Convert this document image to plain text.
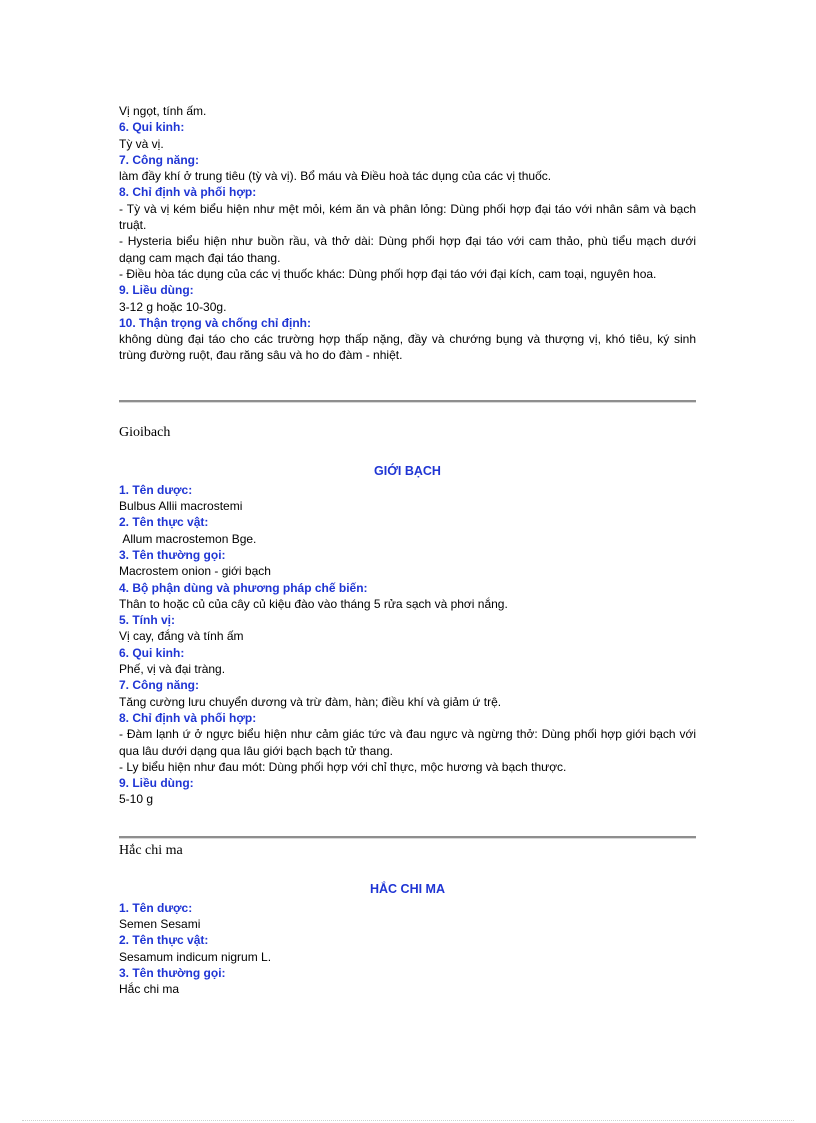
Vị ngọt, tính ấm.
6. Qui kinh:
Tỳ và vị.
7. Công năng:
làm đầy khí ở trung tiêu (tỳ và vị). Bổ máu và Điều hoà tác dụng của các vị thuốc.
8. Chỉ định và phối hợp:
- Tỳ và vị kém biểu hiện như mệt mỏi, kém ăn và phân lỏng: Dùng phối hợp đại táo với nhân sâm và bạch truật.
- Hysteria biểu hiện như buồn rầu, và thở dài: Dùng phối hợp đại táo với cam thảo, phù tiểu mạch dưới dạng cam mạch đại táo thang.
- Điều hòa tác dụng của các vị thuốc khác: Dùng phối hợp đại táo với đại kích, cam toại, nguyên hoa.
9. Liều dùng:
3-12 g hoặc 10-30g.
10. Thận trọng và chống chỉ định:
không dùng đại táo cho các trường hợp thấp nặng, đầy và chướng bụng và thượng vị, khó tiêu, ký sinh trùng đường ruột, đau răng sâu và ho do đàm - nhiệt.
Gioibach
GIỚI BẠCH
1. Tên dược:
Bulbus Allii macrostemi
2. Tên thực vật:
Allum macrostemon Bge.
3. Tên thường gọi:
Macrostem onion - giới bạch
4. Bộ phận dùng và phương pháp chế biến:
Thân to hoặc củ của cây củ kiệu đào vào tháng 5 rửa sạch và phơi nắng.
5. Tính vị:
Vị cay, đắng và tính ấm
6. Qui kinh:
Phế, vị và đại tràng.
7. Công năng:
Tăng cường lưu chuyển dương và trừ đàm, hàn; điều khí và giảm ứ trệ.
8. Chỉ định và phối hợp:
- Đàm lạnh ứ ở ngực biểu hiện như cảm giác tức và đau ngực và ngừng thở: Dùng phối hợp giới bạch với qua lâu dưới dạng qua lâu giới bạch bạch tử thang.
- Ly biểu hiện như đau mót: Dùng phối hợp với chỉ thực, mộc hương và bạch thược.
9. Liều dùng:
5-10 g
Hắc chi ma
HẮC CHI MA
1. Tên dược:
Semen Sesami
2. Tên thực vật:
Sesamum indicum nigrum L.
3. Tên thường gọi:
Hắc chi ma
